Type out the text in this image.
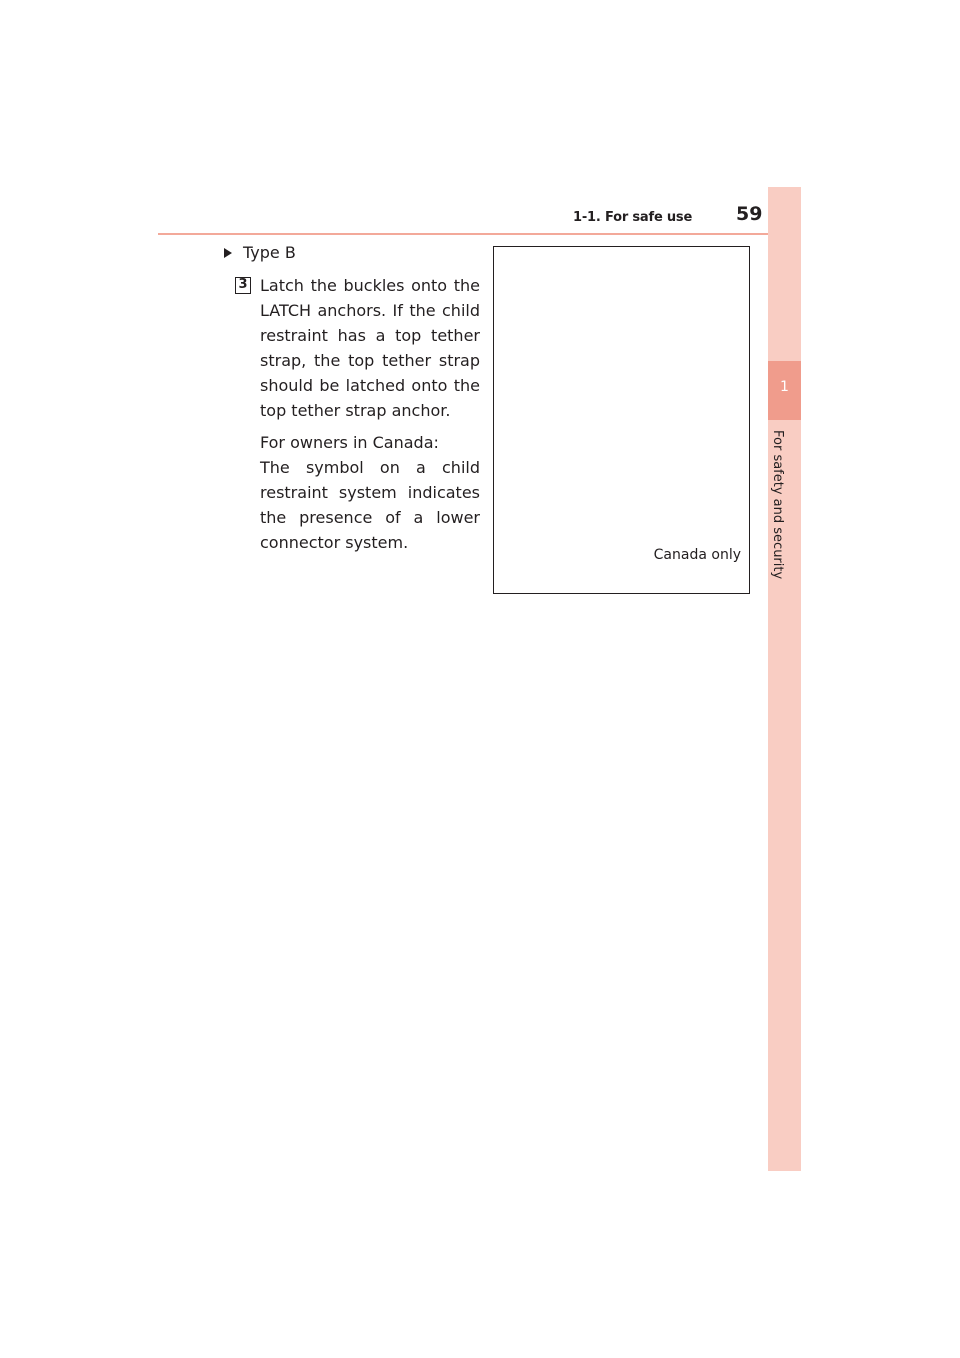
1-1. For safe use 59
1
For safety and security
Type B
3 Latch the buckles onto the LATCH anchors. If the child restraint has a top tether strap, the top tether strap should be latched onto the top tether strap anchor.
For owners in Canada:
The symbol on a child restraint system indicates the presence of a lower connector system.
Canada only
